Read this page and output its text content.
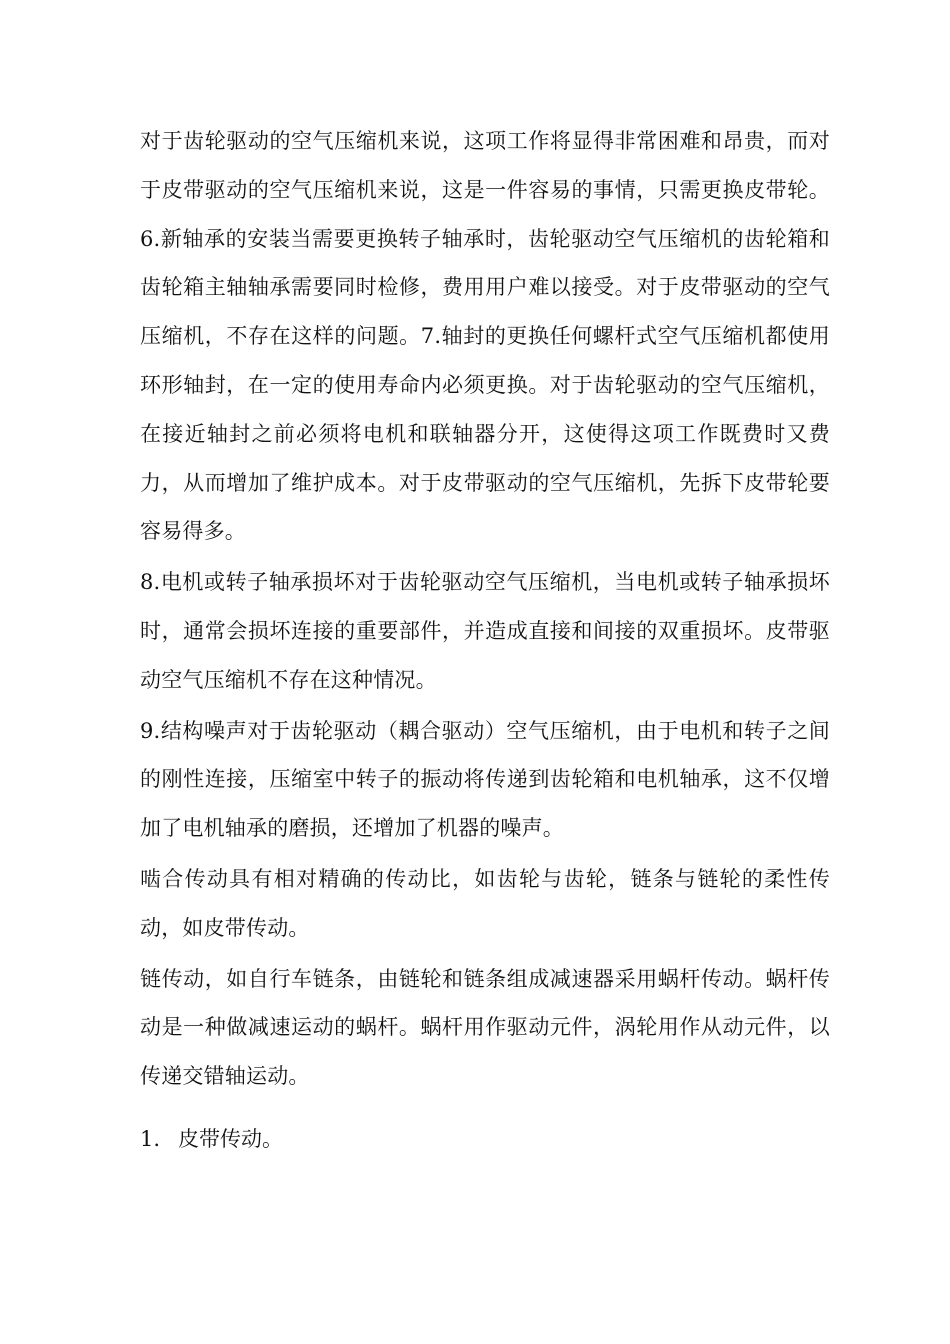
对于齿轮驱动的空气压缩机来说，这项工作将显得非常困难和昂贵，而对于皮带驱动的空气压缩机来说，这是一件容易的事情，只需更换皮带轮。6.新轴承的安装当需要更换转子轴承时，齿轮驱动空气压缩机的齿轮箱和齿轮箱主轴轴承需要同时检修，费用用户难以接受。对于皮带驱动的空气压缩机，不存在这样的问题。7.轴封的更换任何螺杆式空气压缩机都使用环形轴封，在一定的使用寿命内必须更换。对于齿轮驱动的空气压缩机，在接近轴封之前必须将电机和联轴器分开，这使得这项工作既费时又费力，从而增加了维护成本。对于皮带驱动的空气压缩机，先拆下皮带轮要容易得多。

8.电机或转子轴承损坏对于齿轮驱动空气压缩机，当电机或转子轴承损坏时，通常会损坏连接的重要部件，并造成直接和间接的双重损坏。皮带驱动空气压缩机不存在这种情况。

9.结构噪声对于齿轮驱动（耦合驱动）空气压缩机，由于电机和转子之间的刚性连接，压缩室中转子的振动将传递到齿轮箱和电机轴承，这不仅增加了电机轴承的磨损，还增加了机器的噪声。

啮合传动具有相对精确的传动比，如齿轮与齿轮，链条与链轮的柔性传动，如皮带传动。

链传动，如自行车链条，由链轮和链条组成减速器采用蜗杆传动。蜗杆传动是一种做减速运动的蜗杆。蜗杆用作驱动元件，涡轮用作从动元件，以传递交错轴运动。

1. 皮带传动。
